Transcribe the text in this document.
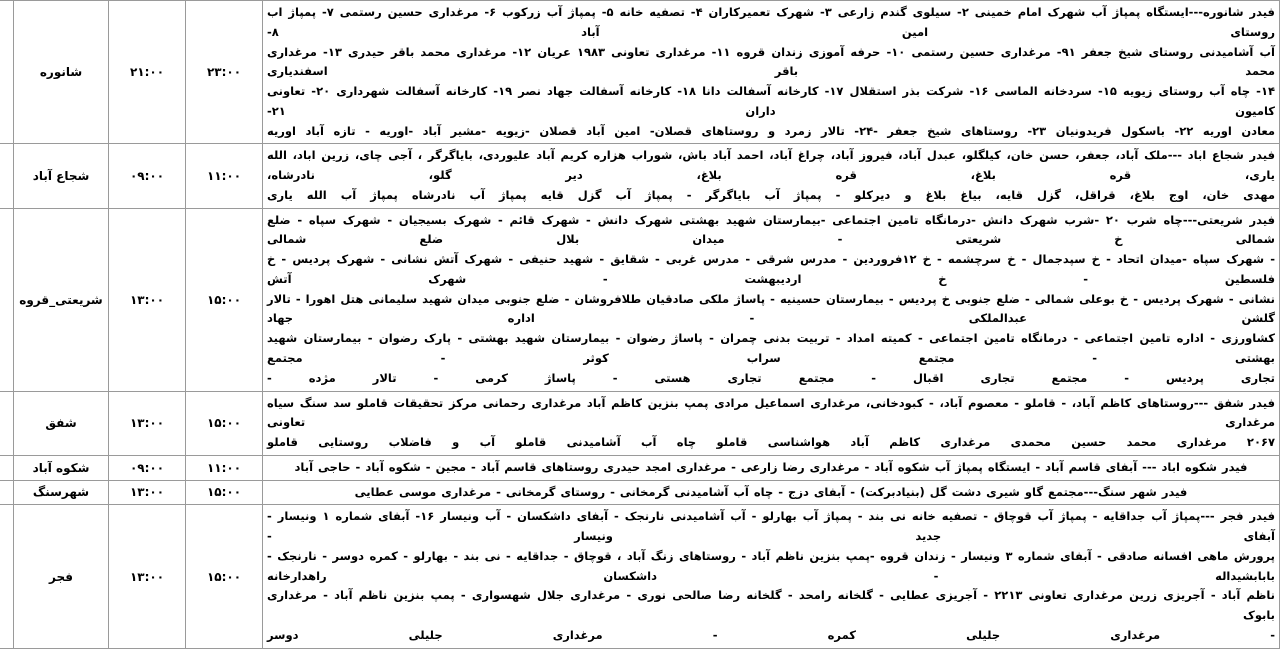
فیدر شانوره---ایستگاه پمپاژ آب شهرک امام خمینی ۲- سیلوی گندم زارعی ۳- شهرک تعمیرکاران ۴- تصفیه خانه ۵- پمپاژ آب زرکوب ۶- مرغداری حسین رستمی ۷- پمپاژ اب روستای امین آباد ۸-
آب آشامیدنی روستای شیخ جعفر ۹۱- مرغداری حسین رستمی ۱۰- حرفه آموزی زندان قروه ۱۱- مرغداری تعاونی ۱۹۸۳ عریان ۱۲- مرغداری محمد باقر حیدری ۱۳- مرغداری محمد باقر اسفندیاری
۱۴- چاه آب روستای زیویه ۱۵- سردخانه الماسی ۱۶- شرکت بذر استقلال ۱۷- کارخانه آسفالت دانا ۱۸- کارخانه آسفالت جهاد نصر ۱۹- کارخانه آسفالت شهرداری ۲۰- تعاونی کامیون داران ۲۱-
معادن اوریه ۲۲- باسکول فریدونیان ۲۳- روستاهای شیخ جعفر -۲۴- تالار زمرد و روستاهای قصلان- امین آباد قصلان -زیویه -مشیر آباد -اوریه - تازه آباد اوریه	۲۳:۰۰	۲۱:۰۰	شانوره	

فیدر شجاع اباد ---ملک آباد، جعفر، حسن خان، کیلگلو، عبدل آباد، فیروز آباد، چراغ آباد، احمد آباد باش، شوراب هزاره کریم آباد علیوردی، بایاگرگر ، آجی چای، زرین اباد، الله یاری، قره بلاغ، قره بلاغ، دیر گلو، نادرشاه،
مهدی خان، اوج بلاغ، قراقل، گزل قایه، بیاغ بلاغ و دیرکلو - پمپاژ آب بایاگرگر - پمپاژ آب گزل قایه پمپاژ آب نادرشاه پمپاژ آب الله یاری	۱۱:۰۰	۰۹:۰۰	شجاع آباد	

فیدر شریعتی---چاه شرب ۲۰ -شرب شهرک دانش -درمانگاه تامین اجتماعی -بیمارستان شهید بهشتی شهرک دانش - شهرک قائم - شهرک بسیجیان - شهرک سپاه - ضلع شمالی خ شریعتی - میدان بلال ضلع شمالی
- شهرک سپاه -میدان اتحاد - خ سپدجمال - خ سرچشمه - خ ۱۲فروردین - مدرس شرقی - مدرس غربی - شقایق - شهید حنیفی - شهرک آتش نشانی - شهرک پردیس - خ فلسطین - خ اردیبهشت - شهرک آتش
نشانی - شهرک پردیس - خ بوعلی شمالی - ضلع جنوبی خ پردیس - بیمارستان حسینیه - پاساژ ملکی صادقیان طلافروشان - ضلع جنوبی میدان شهید سلیمانی هتل اهورا - تالار گلشن عبدالملکی - اداره جهاد
کشاورزی - اداره تامین اجتماعی - درمانگاه تامین اجتماعی - کمیته امداد - تربیت بدنی چمران - پاساژ رضوان - بیمارستان شهید بهشتی - پارک رضوان - بیمارستان شهید بهشتی - مجتمع سراب کوثر - مجتمع
تجاری پردیس - مجتمع تجاری اقبال - مجتمع تجاری هستی - پاساژ کرمی - تالار مژده -	۱۵:۰۰	۱۳:۰۰	شریعتی_قروه	

فیدر شفق ---روستاهای کاظم آباد، - قاملو - معصوم آباد، - کبودخانی، مرغداری اسماعیل مرادی پمپ بنزین کاظم آباد مرغداری رحمانی مرکز تحقیقات قاملو سد سنگ سیاه مرغداری تعاونی
۲۰۶۷ مرغداری محمد حسین محمدی مرغداری کاظم آباد هواشناسی قاملو چاه آب آشامیدنی قاملو آب و فاضلاب روستایی قاملو	۱۵:۰۰	۱۳:۰۰	شفق	

فیدر شکوه اباد --- آبفای قاسم آباد - ایستگاه پمپاژ آب شکوه آباد - مرغداری رضا زارعی - مرغداری امجد حیدری روستاهای قاسم آباد - مجین - شکوه آباد - حاجی آباد	۱۱:۰۰	۰۹:۰۰	شکوه آباد	

فیدر شهر سنگ---مجتمع گاو شیری دشت گل (بنیادبرکت) - آبفای دزج - چاه آب آشامیدنی گرمخانی - روستای گرمخانی - مرغداری موسی عطایی	۱۵:۰۰	۱۳:۰۰	شهرسنگ	

فیدر فجر ---پمپاژ آب جداقایه - پمپاژ آب قوچاق - تصفیه خانه نی بند - پمپاژ آب بهارلو - آب آشامیدنی نارنجک - آبفای داشکسان - آب ونیسار ۱۶- آبفای شماره ۱ ونیسار - آبفای جدید ونیسار -
پرورش ماهی افسانه صادقی - آبفای شماره ۳ ونیسار - زندان قروه -پمپ بنزین ناظم آباد - روستاهای زنگ آباد ، قوچاق - جداقایه - نی بند - بهارلو - کمره دوسر - نارنجک - بابابشیداله - داشکسان راهدارخانه
ناظم آباد - آجریزی زرین مرغداری تعاونی ۲۲۱۳ - آجریزی عطایی - گلخانه رامحد - گلخانه رضا صالحی نوری - مرغداری جلال شهسواری - پمپ بنزین ناظم آباد - مرغداری بابوک
- مرغداری جلیلی کمره - مرغداری جلیلی دوسر	۱۵:۰۰	۱۳:۰۰	فجر	
